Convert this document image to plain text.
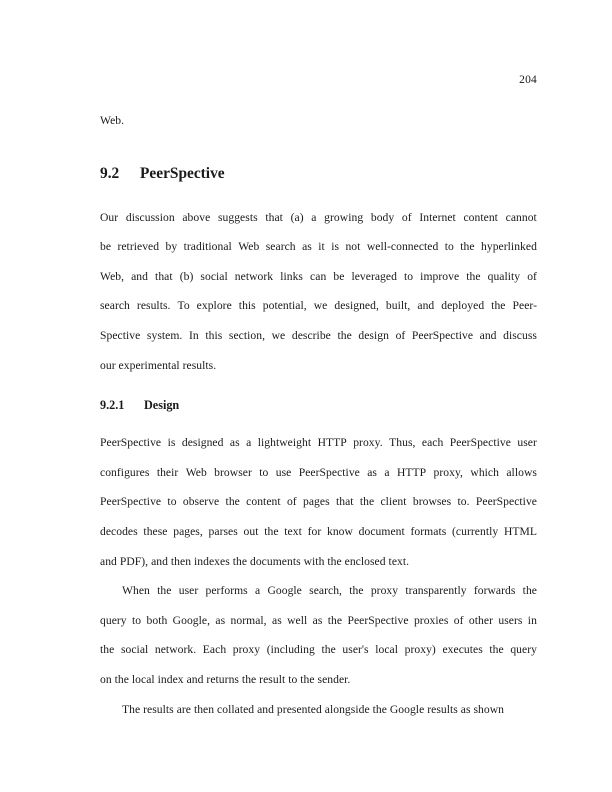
204
Web.
9.2 PeerSpective
Our discussion above suggests that (a) a growing body of Internet content cannot
be retrieved by traditional Web search as it is not well-connected to the hyperlinked
Web, and that (b) social network links can be leveraged to improve the quality of
search results. To explore this potential, we designed, built, and deployed the Peer-
Spective system. In this section, we describe the design of PeerSpective and discuss
our experimental results.
9.2.1 Design
PeerSpective is designed as a lightweight HTTP proxy. Thus, each PeerSpective user
configures their Web browser to use PeerSpective as a HTTP proxy, which allows
PeerSpective to observe the content of pages that the client browses to. PeerSpective
decodes these pages, parses out the text for know document formats (currently HTML
and PDF), and then indexes the documents with the enclosed text.
When the user performs a Google search, the proxy transparently forwards the
query to both Google, as normal, as well as the PeerSpective proxies of other users in
the social network. Each proxy (including the user's local proxy) executes the query
on the local index and returns the result to the sender.
The results are then collated and presented alongside the Google results as shown
